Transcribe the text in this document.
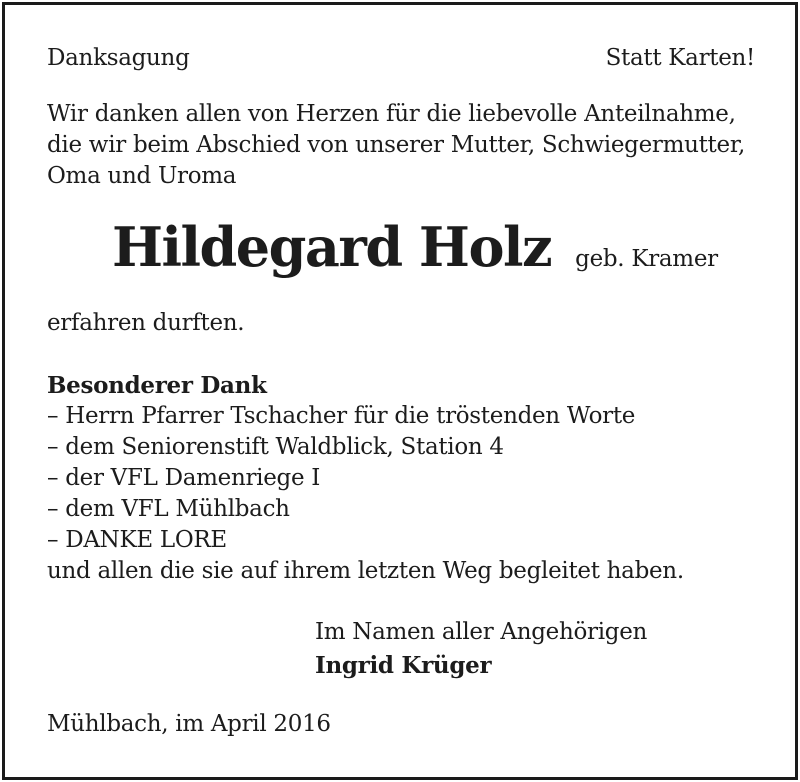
Danksagung	Statt Karten!
Wir danken allen von Herzen für die liebevolle Anteilnahme,
die wir beim Abschied von unserer Mutter, Schwiegermutter,
Oma und Uroma
Hildegard Holz geb. Kramer
erfahren durften.
Besonderer Dank
– Herrn Pfarrer Tschacher für die tröstenden Worte
– dem Seniorenstift Waldblick, Station 4
– der VFL Damenriege I
– dem VFL Mühlbach
– DANKE LORE
und allen die sie auf ihrem letzten Weg begleitet haben.
Im Namen aller Angehörigen
Ingrid Krüger
Mühlbach, im April 2016
